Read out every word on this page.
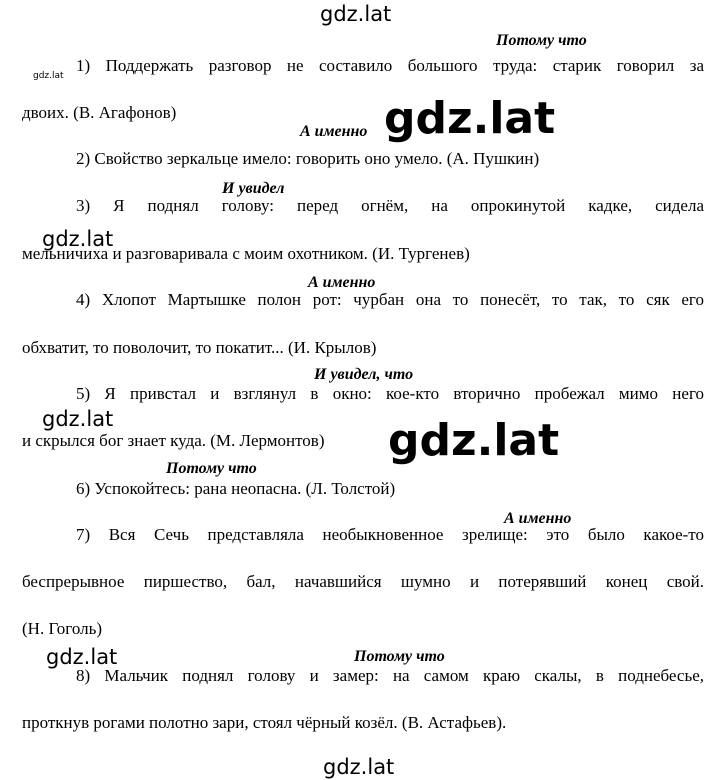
gdz.lat
gdz.lat
gdz.lat
gdz.lat
gdz.lat	gdz.lat
gdz.lat
gdz.lat
Потому что
1) Поддержать разговор не составило большого труда: старик говорил за
двоих. (В. Агафонов)
А именно
2) Свойство зеркальце имело: говорить оно умело. (А. Пушкин)
И увидел
3) Я поднял голову: перед огнём, на опрокинутой кадке, сидела
мельничиха и разговаривала с моим охотником. (И. Тургенев)
А именно
4) Хлопот Мартышке полон рот: чурбан она то понесёт, то так, то сяк его
обхватит, то поволочит, то покатит... (И. Крылов)
И увидел, что
5) Я привстал и взглянул в окно: кое-кто вторично пробежал мимо него
и скрылся бог знает куда. (М. Лермонтов)
Потому что
6) Успокойтесь: рана неопасна. (Л. Толстой)
А именно
7) Вся Сечь представляла необыкновенное зрелище: это было какое-то
беспрерывное пиршество, бал, начавшийся шумно и потерявший конец свой.
(Н. Гоголь)
Потому что
8) Мальчик поднял голову и замер: на самом краю скалы, в поднебесье,
проткнув рогами полотно зари, стоял чёрный козёл. (В. Астафьев).
